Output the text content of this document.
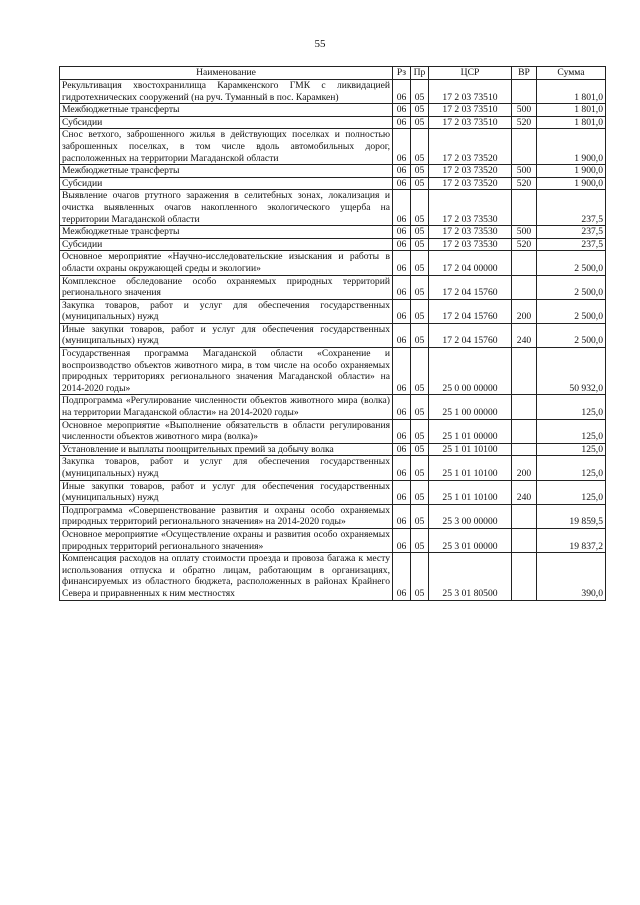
55
Наименование	Рз	Пр	ЦСР	ВР	Сумма
Рекультивация хвостохранилища Карамкенского ГМК с ликвидацией гидротехнических сооружений (на руч. Туманный в пос. Карамкен)	06	05	17 2 03 73510		1 801,0
Межбюджетные трансферты	06	05	17 2 03 73510	500	1 801,0
Субсидии	06	05	17 2 03 73510	520	1 801,0
Снос ветхого, заброшенного жилья в действующих поселках и полностью заброшенных поселках, в том числе вдоль автомобильных дорог, расположенных на территории Магаданской области	06	05	17 2 03 73520		1 900,0
Межбюджетные трансферты	06	05	17 2 03 73520	500	1 900,0
Субсидии	06	05	17 2 03 73520	520	1 900,0
Выявление очагов ртутного заражения в селитебных зонах, локализация и очистка выявленных очагов накопленного экологического ущерба на территории Магаданской области	06	05	17 2 03 73530		237,5
Межбюджетные трансферты	06	05	17 2 03 73530	500	237,5
Субсидии	06	05	17 2 03 73530	520	237,5
Основное мероприятие «Научно-исследовательские изыскания и работы в области охраны окружающей среды и экологии»	06	05	17 2 04 00000		2 500,0
Комплексное обследование особо охраняемых природных территорий регионального значения	06	05	17 2 04 15760		2 500,0
Закупка товаров, работ и услуг для обеспечения государственных (муниципальных) нужд	06	05	17 2 04 15760	200	2 500,0
Иные закупки товаров, работ и услуг для обеспечения государственных (муниципальных) нужд	06	05	17 2 04 15760	240	2 500,0
Государственная программа Магаданской области «Сохранение и воспроизводство объектов животного мира, в том числе на особо охраняемых природных территориях регионального значения Магаданской области» на 2014-2020 годы»	06	05	25 0 00 00000		50 932,0
Подпрограмма «Регулирование численности объектов животного мира (волка) на территории Магаданской области» на 2014-2020 годы»	06	05	25 1 00 00000		125,0
Основное мероприятие «Выполнение обязательств в области регулирования численности объектов животного мира (волка)»	06	05	25 1 01 00000		125,0
Установление и выплаты поощрительных премий за добычу волка	06	05	25 1 01 10100		125,0
Закупка товаров, работ и услуг для обеспечения государственных (муниципальных) нужд	06	05	25 1 01 10100	200	125,0
Иные закупки товаров, работ и услуг для обеспечения государственных (муниципальных) нужд	06	05	25 1 01 10100	240	125,0
Подпрограмма «Совершенствование развития и охраны особо охраняемых природных территорий регионального значения» на 2014-2020 годы»	06	05	25 3 00 00000		19 859,5
Основное мероприятие «Осуществление охраны и развития особо охраняемых природных территорий регионального значения»	06	05	25 3 01 00000		19 837,2
Компенсация расходов на оплату стоимости проезда и провоза багажа к месту использования отпуска и обратно лицам, работающим в организациях, финансируемых из областного бюджета, расположенных в районах Крайнего Севера и приравненных к ним местностях	06	05	25 3 01 80500		390,0
